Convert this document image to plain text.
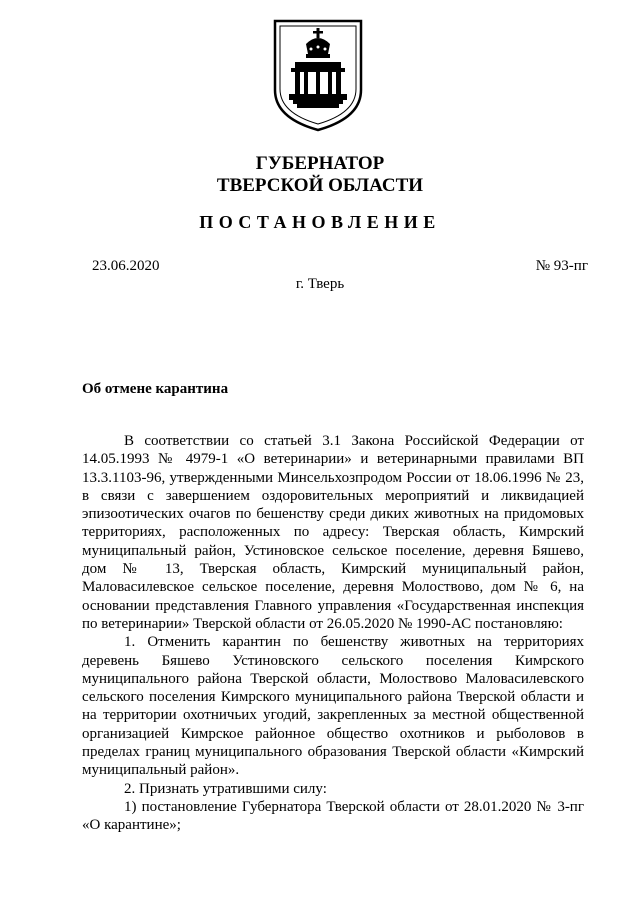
ГУБЕРНАТОР
ТВЕРСКОЙ ОБЛАСТИ
ПОСТАНОВЛЕНИЕ
23.06.2020	№ 93-пг
г. Тверь
Об отмене карантина

В соответствии со статьей 3.1 Закона Российской Федерации от 14.05.1993 № 4979-1 «О ветеринарии» и ветеринарными правилами ВП 13.3.1103-96, утвержденными Минсельхозпродом России от 18.06.1996 № 23, в связи с завершением оздоровительных мероприятий и ликвидацией эпизоотических очагов по бешенству среди диких животных на придомовых территориях, расположенных по адресу: Тверская область, Кимрский муниципальный район, Устиновское сельское поселение, деревня Бяшево, дом № 13, Тверская область, Кимрский муниципальный район, Маловасилевское сельское поселение, деревня Молоствово, дом № 6, на основании представления Главного управления «Государственная инспекция по ветеринарии» Тверской области от 26.05.2020 № 1990-АС постановляю:

1. Отменить карантин по бешенству животных на территориях деревень Бяшево Устиновского сельского поселения Кимрского муниципального района Тверской области, Молоствово Маловасилевского сельского поселения Кимрского муниципального района Тверской области и на территории охотничьих угодий, закрепленных за местной общественной организацией Кимрское районное общество охотников и рыболовов в пределах границ муниципального образования Тверской области «Кимрский муниципальный район».

2. Признать утратившими силу:

1) постановление Губернатора Тверской области от 28.01.2020 № 3-пг «О карантине»;
